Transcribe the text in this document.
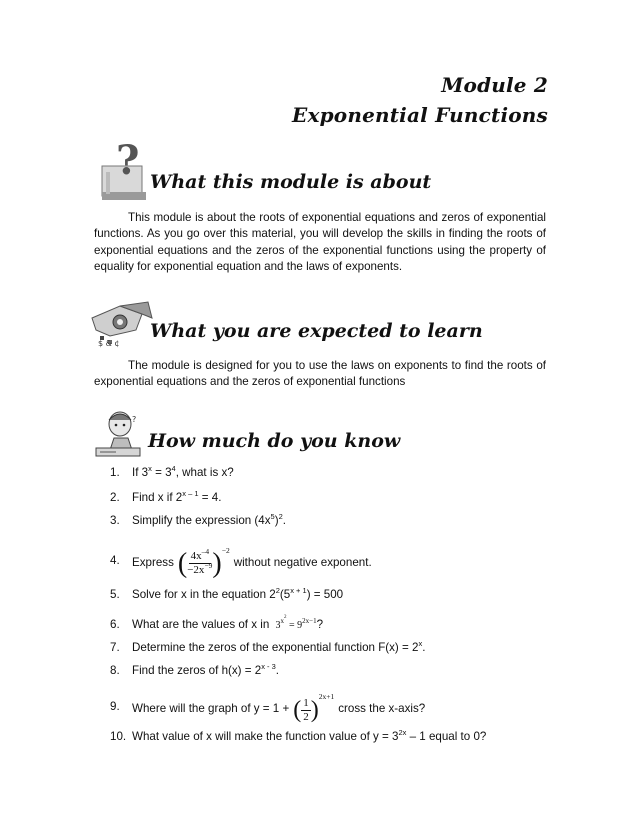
Module 2
Exponential Functions
? What this module is about
This module is about the roots of exponential equations and zeros of exponential functions. As you go over this material, you will develop the skills in finding the roots of exponential equations and the zeros of the exponential functions using the property of equality for exponential equation and the laws of exponents.
$ & ¢
What you are expected to learn
The module is designed for you to use the laws on exponents to find the roots of exponential equations and the zeros of exponential functions
?
How much do you know
1. If $3^x = 3^4$, what is x?
2. Find x if $2^{x - 1} = 4$.
3. Simplify the expression $(4x^5)^2$.
4. Express ( $\frac{4x^{-4}}{-2x^{-9}} )^{-2}$
without negative exponent.
5. Solve for x in the equation $2^2(5^{x + 1}) = 500$
6. What are the values of x in $3^{x^2} = 9^{2x-1}$?
7. Determine the zeros of the exponential function $F(x) = 2^x$.
8. Find the zeros of $h(x) = 2^{x - 3}$.
9. Where will the graph of y = 1 + ( $\frac{1}{2} )^{2x+1}$
cross the x-axis?
10. What value of x will make the function value of $y = 3^{2x} - 1$ equal to 0?
